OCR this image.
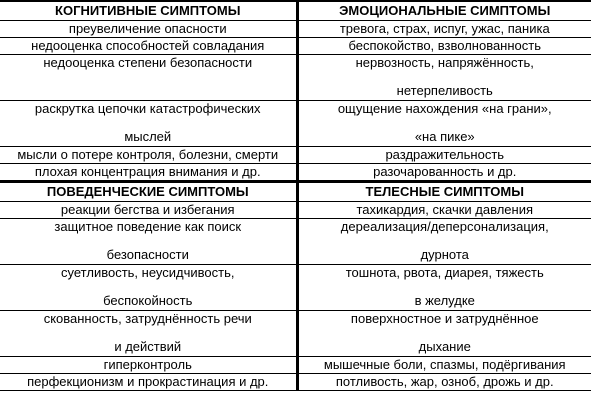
КОГНИТИВНЫЕ СИМПТОМЫ	ЭМОЦИОНАЛЬНЫЕ СИМПТОМЫ

преувеличение опасности	тревога, страх, испуг, ужас, паника

недооценка способностей совладания	беспокойство, взволнованность

недооценка степени безопасности	нервозность, напряжённость,
нетерпеливость

раскрутка цепочки катастрофических
мыслей	ощущение нахождения «на грани»,
«на пике»

мысли о потере контроля, болезни, смерти	раздражительность

плохая концентрация внимания и др.	разочарованность и др.

ПОВЕДЕНЧЕСКИЕ СИМПТОМЫ	ТЕЛЕСНЫЕ СИМПТОМЫ

реакции бегства и избегания	тахикардия, скачки давления

защитное поведение как поиск
безопасности	дереализация/деперсонализация,
дурнота

суетливость, неусидчивость,
беспокойность	тошнота, рвота, диарея, тяжесть
в желудке

скованность, затруднённость речи
и действий	поверхностное и затруднённое
дыхание

гиперконтроль	мышечные боли, спазмы, подёргивания

перфекционизм и прокрастинация и др.	потливость, жар, озноб, дрожь и др.
